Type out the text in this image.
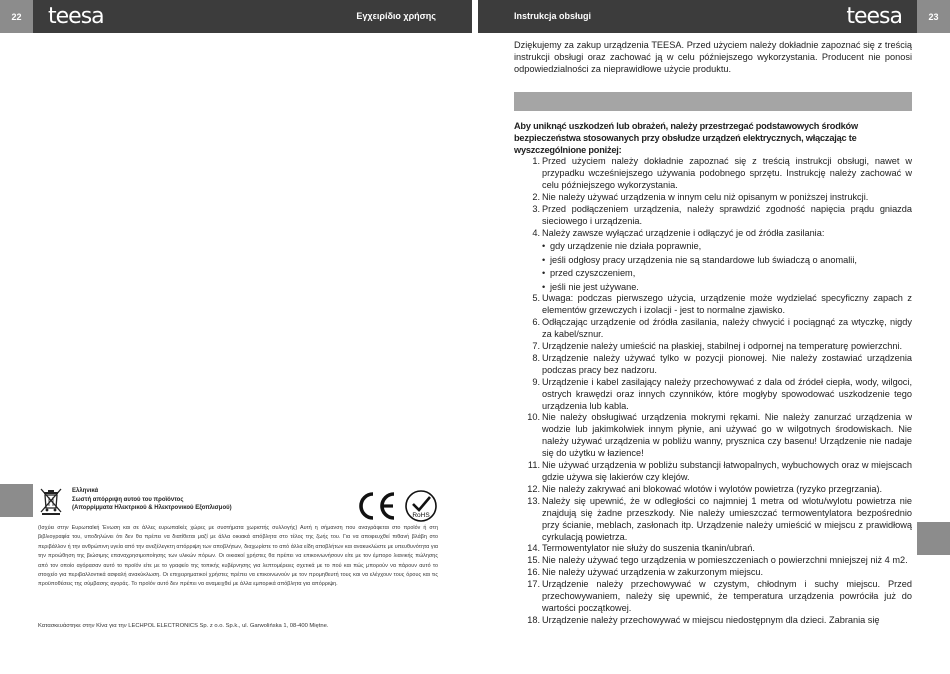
22	teesa	Εγχειρίδιο χρήσης	Instrukcja obsługi	teesa	23
Ελληνικά
Σωστή απόρριψη αυτού του προϊόντος
(Απορρίμματα Ηλεκτρικού & Ηλεκτρονικού Εξοπλισμού)
RoHS
CE
(Ισχύει στην Ευρωπαϊκή Ένωση και σε άλλες ευρωπαϊκές χώρες με συστήματα χωριστής συλλογής) Αυτή η σήμανση που αναγράφεται στο προϊόν ή στη βιβλιογραφία του, υποδηλώνει ότι δεν θα πρέπει να διατίθεται μαζί με άλλα οικιακά απόβλητα στο τέλος της ζωής του. Για να αποφευχθεί πιθανή βλάβη στο περιβάλλον ή την ανθρώπινη υγεία από την ανεξέλεγκτη απόρριψη των αποβλήτων, διαχωρίστε το από άλλα είδη αποβλήτων και ανακυκλώστε με υπευθυνότητα για την προώθηση της βιώσιμης επαναχρησιμοποίησης των υλικών πόρων. Οι οικιακοί χρήστες θα πρέπει να επικοινωνήσουν είτε με τον έμπορο λιανικής πώλησης από τον οποίο αγόρασαν αυτό το προϊόν είτε με το γραφείο της τοπικής κυβέρνησης για λεπτομέρειες σχετικά με το πού και πώς μπορούν να πάρουν αυτό το στοιχείο για περιβαλλοντικά ασφαλή ανακύκλωση. Οι επιχειρηματικοί χρήστες πρέπει να επικοινωνούν με τον προμηθευτή τους και να ελέγχουν τους όρους και τις προϋποθέσεις της σύμβασης αγοράς. Το προϊόν αυτό δεν πρέπει να αναμειχθεί με άλλα εμπορικά απόβλητα για απόρριψη.
Κατασκευάστηκε στην Κίνα για την LECHPOL ELECTRONICS Sp. z o.o. Sp.k., ul. Garwolińska 1, 08-400 Miętne.

Dziękujemy za zakup urządzenia TEESA. Przed użyciem należy dokładnie zapoznać się z treścią instrukcji obsługi oraz zachować ją w celu późniejszego wykorzystania. Producent nie ponosi odpowiedzialności za nieprawidłowe użycie produktu.

Aby uniknąć uszkodzeń lub obrażeń, należy przestrzegać podstawowych środków bezpieczeństwa stosowanych przy obsłudze urządzeń elektrycznych, włączając te wyszczególnione poniżej:

1. Przed użyciem należy dokładnie zapoznać się z treścią instrukcji obsługi, nawet w przypadku wcześniejszego używania podobnego sprzętu. Instrukcję należy zachować w celu późniejszego wykorzystania.
2. Nie należy używać urządzenia w innym celu niż opisanym w poniższej instrukcji.
3. Przed podłączeniem urządzenia, należy sprawdzić zgodność napięcia prądu gniazda sieciowego i urządzenia.
4. Należy zawsze wyłączać urządzenie i odłączyć je od źródła zasilania:
• gdy urządzenie nie działa poprawnie,
• jeśli odgłosy pracy urządzenia nie są standardowe lub świadczą o anomalii,
• przed czyszczeniem,
• jeśli nie jest używane.
5. Uwaga: podczas pierwszego użycia, urządzenie może wydzielać specyficzny zapach z elementów grzewczych i izolacji - jest to normalne zjawisko.
6. Odłączając urządzenie od źródła zasilania, należy chwycić i pociągnąć za wtyczkę, nigdy za kabel/sznur.
7. Urządzenie należy umieścić na płaskiej, stabilnej i odpornej na temperaturę powierzchni.
8. Urządzenie należy używać tylko w pozycji pionowej. Nie należy zostawiać urządzenia podczas pracy bez nadzoru.
9. Urządzenie i kabel zasilający należy przechowywać z dala od źródeł ciepła, wody, wilgoci, ostrych krawędzi oraz innych czynników, które mogłyby spowodować uszkodzenie tego urządzenia lub kabla.
10. Nie należy obsługiwać urządzenia mokrymi rękami. Nie należy zanurzać urządzenia w wodzie lub jakimkolwiek innym płynie, ani używać go w wilgotnych środowiskach. Nie należy używać urządzenia w pobliżu wanny, prysznica czy basenu! Urządzenie nie nadaje się do użytku w łazience!
11. Nie używać urządzenia w pobliżu substancji łatwopalnych, wybuchowych oraz w miejscach gdzie używa się lakierów czy klejów.
12. Nie należy zakrywać ani blokować wlotów i wylotów powietrza (ryzyko przegrzania).
13. Należy się upewnić, że w odległości co najmniej 1 metra od wlotu/wylotu powietrza nie znajdują się żadne przeszkody. Nie należy umieszczać termowentylatora bezpośrednio przy ścianie, meblach, zasłonach itp. Urządzenie należy umieścić w miejscu z prawidłową cyrkulacją powietrza.
14. Termowentylator nie służy do suszenia tkanin/ubrań.
15. Nie należy używać tego urządzenia w pomieszczeniach o powierzchni mniejszej niż 4 m2.
16. Nie należy używać urządzenia w zakurzonym miejscu.
17. Urządzenie należy przechowywać w czystym, chłodnym i suchy miejscu. Przed przechowywaniem, należy się upewnić, że temperatura urządzenia powróciła już do wartości początkowej.
18. Urządzenie należy przechowywać w miejscu niedostępnym dla dzieci. Zabrania się
